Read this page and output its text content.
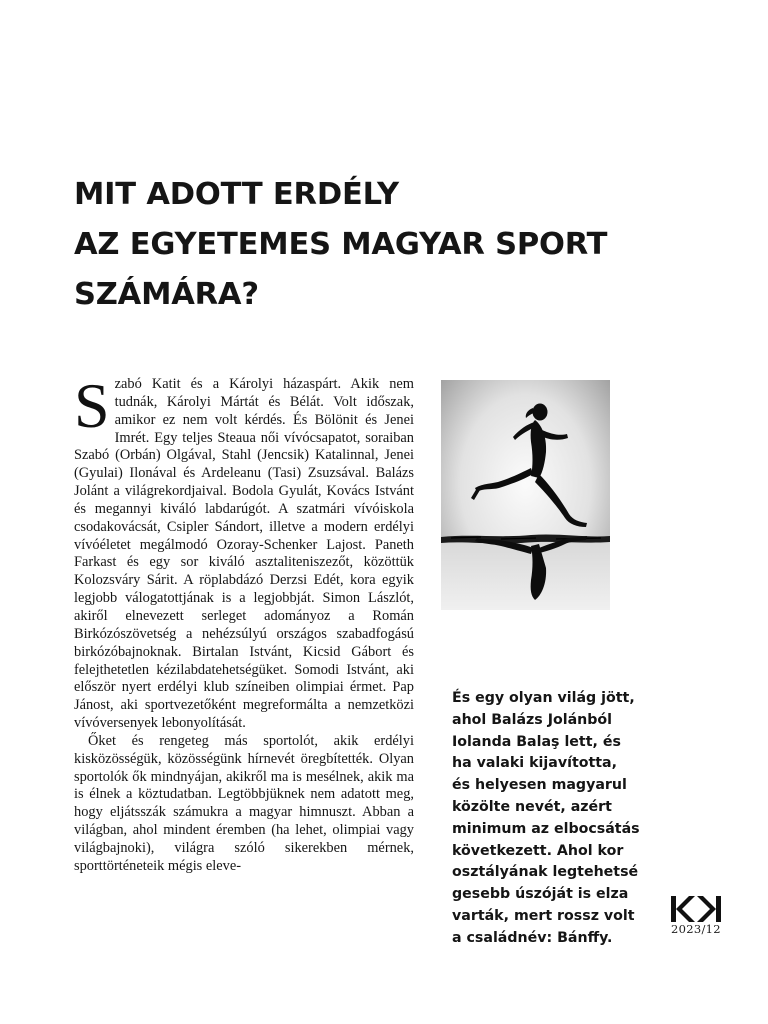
MIT ADOTT ERDÉLY
AZ EGYETEMES MAGYAR SPORT
SZÁMÁRA?

Szabó Katit és a Károlyi házaspárt. Akik nem tudnák, Károlyi Mártát és Bélát. Volt időszak, amikor ez nem volt kérdés. És Bölönit és Jenei Imrét. Egy teljes Steaua női vívócsapatot, soraiban Szabó (Orbán) Olgával, Stahl (Jencsik) Katalinnal, Jenei (Gyulai) Ilonával és Ardeleanu (Tasi) Zsuzsával. Balázs Jolánt a világrekordjaival. Bodola Gyulát, Kovács Istvánt és megannyi kiváló labdarúgót. A szatmári vívóiskola csodakovácsát, Csipler Sándort, illetve a modern erdélyi vívóéletet megálmodó Ozoray-Schenker Lajost. Paneth Farkast és egy sor kiváló asztaliteniszezőt, közöttük Kolozsváry Sárit. A röplabdázó Derzsi Edét, kora egyik legjobb válogatottjának is a legjobbját. Simon Lászlót, akiről elnevezett serleget adományoz a Román Birkózószövetség a nehézsúlyú országos szabadfogású birkózóbajnoknak. Birtalan Istvánt, Kicsid Gábort és felejthetetlen kézilabdatehetségüket. Somodi Istvánt, aki először nyert erdélyi klub színeiben olimpiai érmet. Pap Jánost, aki sportvezetőként megreformálta a nemzetközi vívóversenyek lebonyolítását.

Őket és rengeteg más sportolót, akik erdélyi kisközösségük, közösségünk hírnevét öregbítették. Olyan sportolók ők mindnyájan, akikről ma is mesélnek, akik ma is élnek a köztudatban. Legtöbbjüknek nem adatott meg, hogy eljátsszák számukra a magyar himnuszt. Abban a világban, ahol mindent éremben (ha lehet, olimpiai vagy világbajnoki), világra szóló sikerekben mérnek, sporttörténeteik mégis eleve-

És egy olyan világ jött,
ahol Balázs Jolánból
Iolanda Balaş lett, és
ha valaki kijavította,
és helyesen magyarul
közölte nevét, azért
minimum az elbocsátás
következett. Ahol kor
osztályának legtehetsé
gesebb úszóját is elza
varták, mert rossz volt
a családnév: Bánffy.
2023/12
